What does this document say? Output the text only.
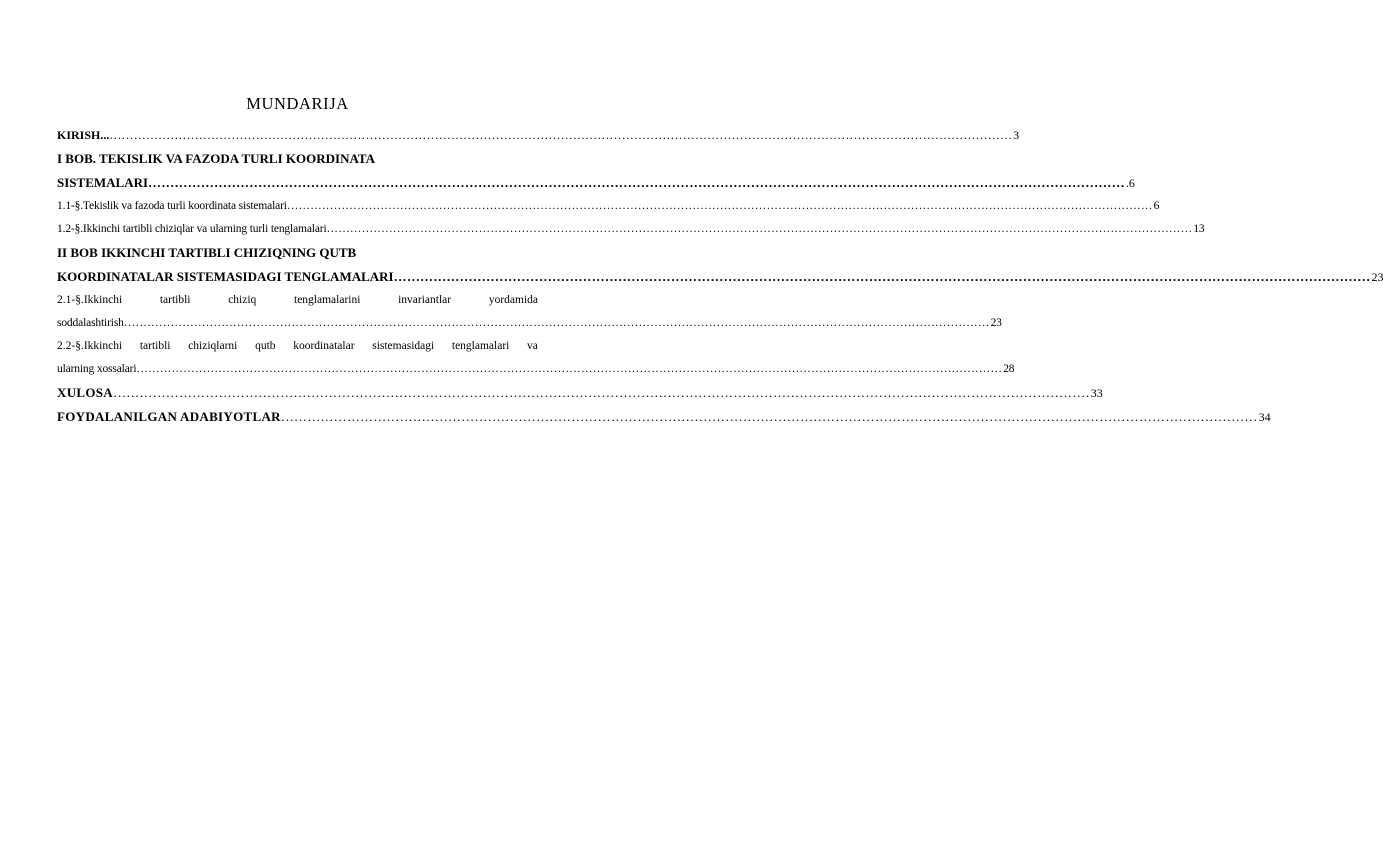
MUNDARIJA
KIRISH... …………………………………………………………………………………………………………………………………………………………………………………………………… 3
I BOB. TEKISLIK VA FAZODA TURLI KOORDINATA
SISTEMALARI …………………………………………………………………………………………………………………………………………………………………………………………………… .6
1.1-§.Tekislik va fazoda turli koordinata sistemalari …………………………………………………………………………………………………………………………………………………………………………………………………… 6
1.2-§.Ikkinchi tartibli chiziqlar va ularning turli tenglamalari …………………………………………………………………………………………………………………………………………………………………………………………………… 13
II BOB IKKINCHI TARTIBLI CHIZIQNING QUTB
KOORDINATALAR SISTEMASIDAGI TENGLAMALARI …………………………………………………………………………………………………………………………………………………………………………………………………… 23
2.1-§.Ikkinchi	tartibli	chiziq	tenglamalarini	invariantlar	yordamida
soddalashtirish …………………………………………………………………………………………………………………………………………………………………………………………………… 23
2.2-§.Ikkinchi tartibli chiziqlarni qutb koordinatalar sistemasidagi tenglamalari va
ularning xossalari …………………………………………………………………………………………………………………………………………………………………………………………………… 28
XULOSA …………………………………………………………………………………………………………………………………………………………………………………………………… 33
FOYDALANILGAN ADABIYOTLAR …………………………………………………………………………………………………………………………………………………………………………………………………… 34
